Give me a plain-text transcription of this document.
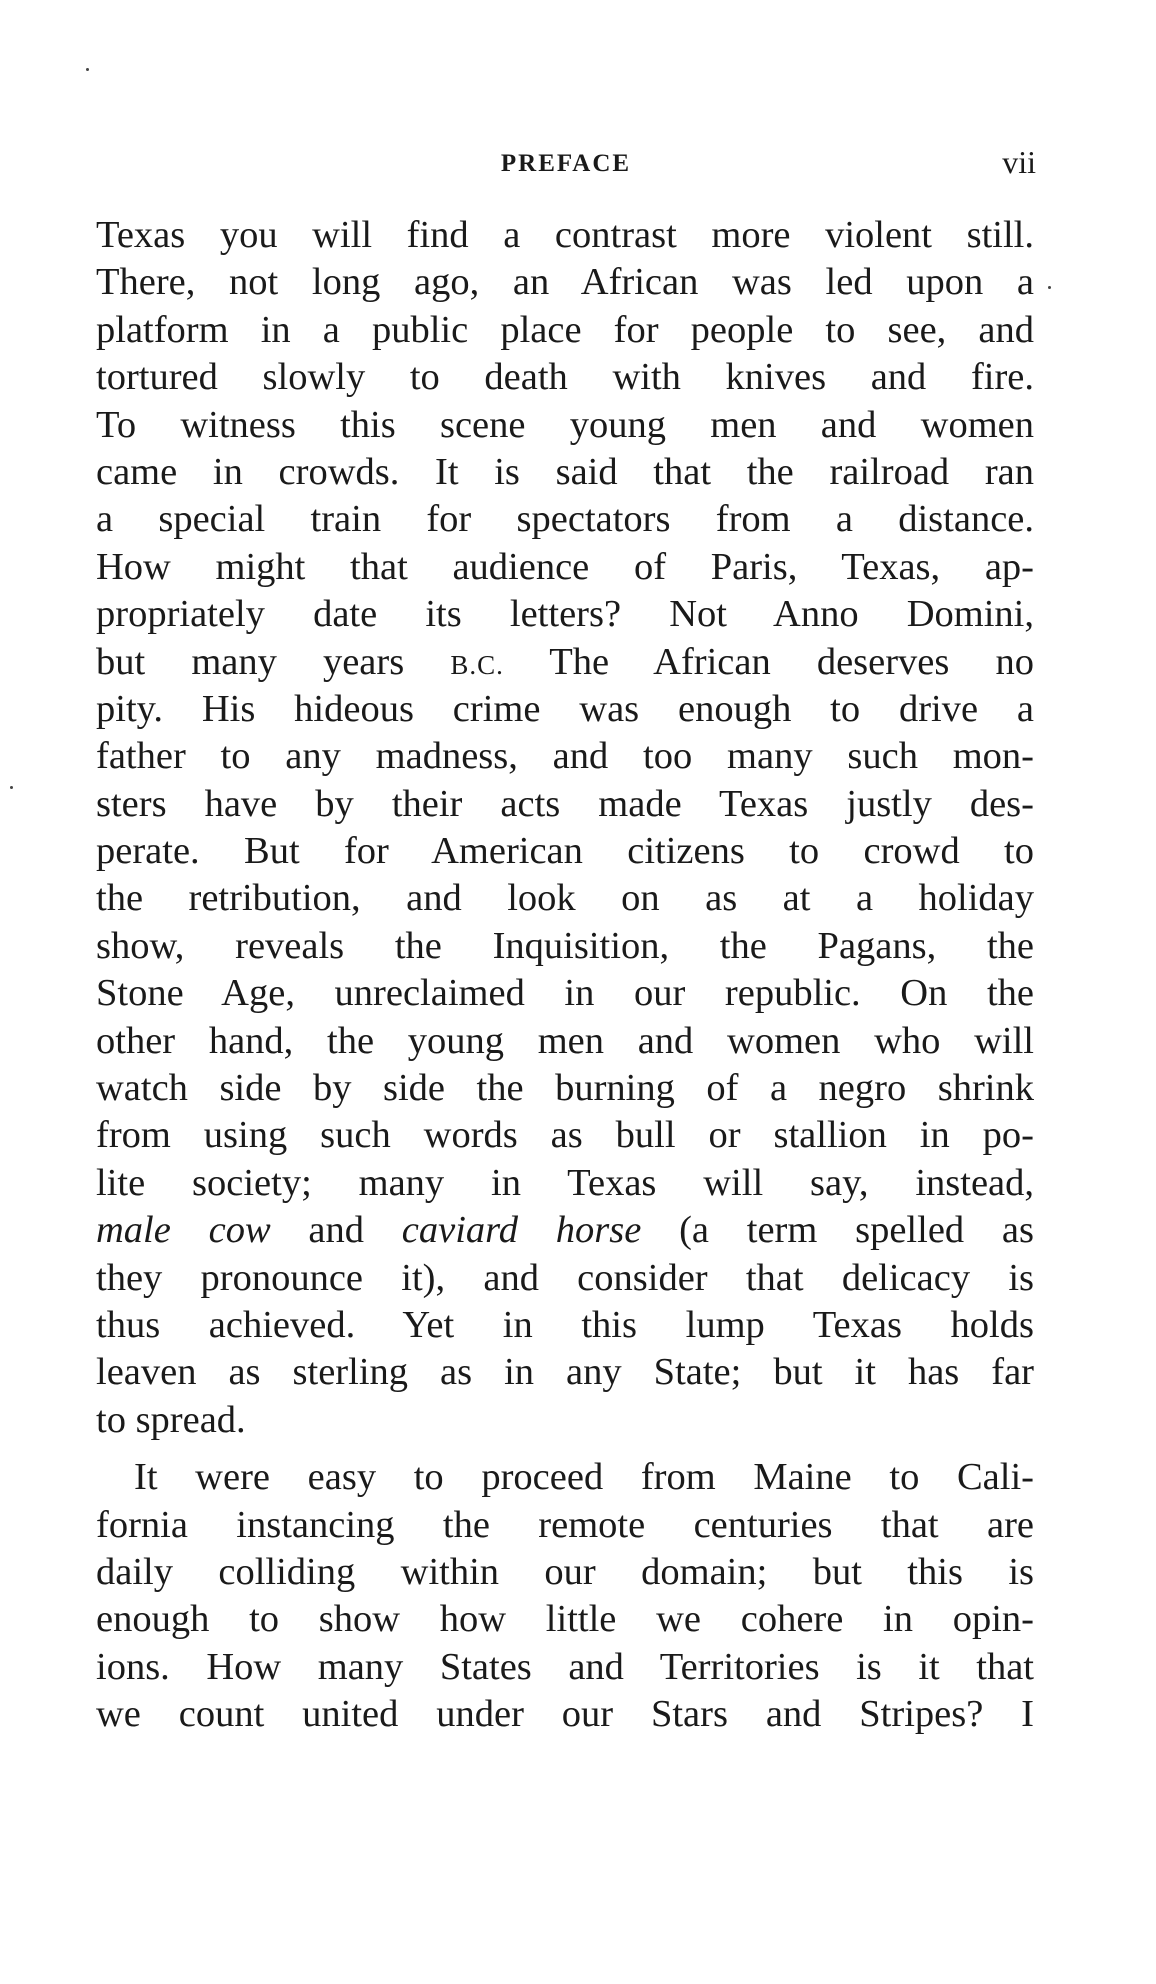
PREFACE	vii
Texas you will find a contrast more violent still.
There, not long ago, an African was led upon a
platform in a public place for people to see, and
tortured slowly to death with knives and fire.
To witness this scene young men and women
came in crowds. It is said that the railroad ran
a special train for spectators from a distance.
How might that audience of Paris, Texas, ap-
propriately date its letters? Not Anno Domini,
but many years B.C. The African deserves no
pity. His hideous crime was enough to drive a
father to any madness, and too many such mon-
sters have by their acts made Texas justly des-
perate. But for American citizens to crowd to
the retribution, and look on as at a holiday
show, reveals the Inquisition, the Pagans, the
Stone Age, unreclaimed in our republic. On the
other hand, the young men and women who will
watch side by side the burning of a negro shrink
from using such words as bull or stallion in po-
lite society; many in Texas will say, instead,
male cow and caviard horse (a term spelled as
they pronounce it), and consider that delicacy is
thus achieved. Yet in this lump Texas holds
leaven as sterling as in any State; but it has far
to spread.
It were easy to proceed from Maine to Cali-
fornia instancing the remote centuries that are
daily colliding within our domain; but this is
enough to show how little we cohere in opin-
ions. How many States and Territories is it that
we count united under our Stars and Stripes? I
